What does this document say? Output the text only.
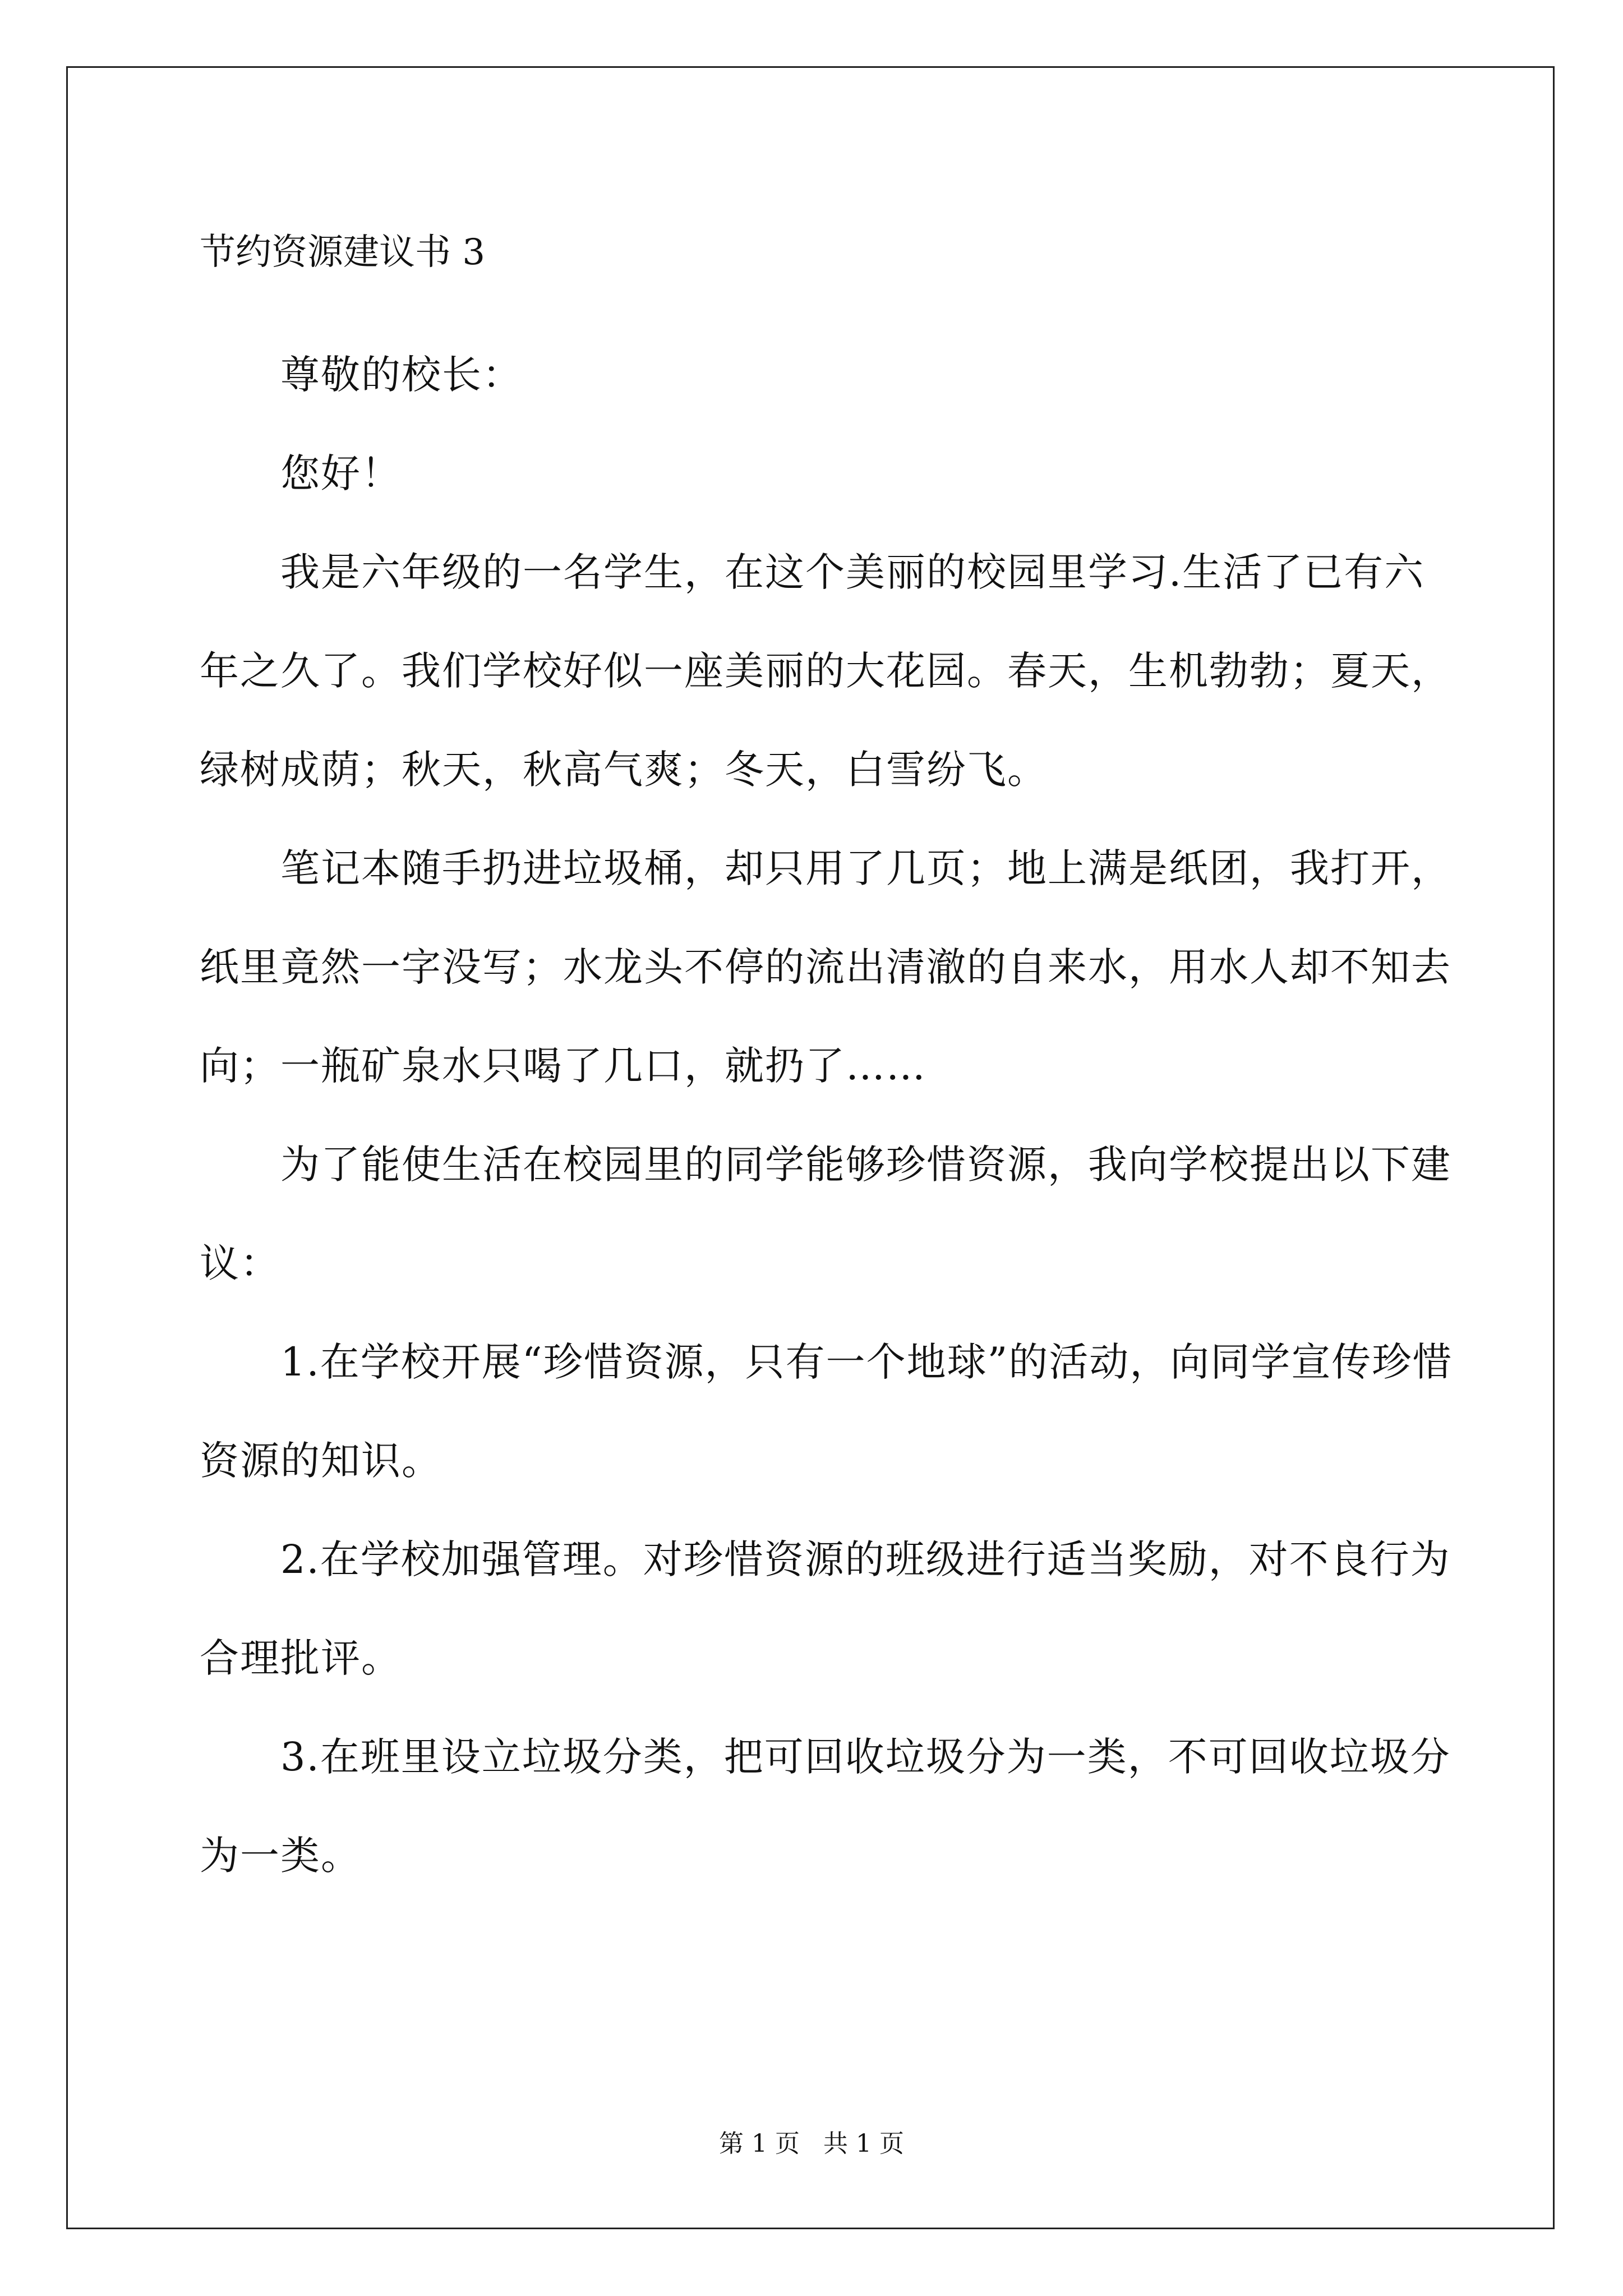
节约资源建议书 3

尊敬的校长：

您好！

我是六年级的一名学生，在这个美丽的校园里学习.生活了已有六年之久了。我们学校好似一座美丽的大花园。春天，生机勃勃；夏天，绿树成荫；秋天，秋高气爽；冬天，白雪纷飞。

笔记本随手扔进垃圾桶，却只用了几页；地上满是纸团，我打开，纸里竟然一字没写；水龙头不停的流出清澈的自来水，用水人却不知去向；一瓶矿泉水只喝了几口，就扔了……

为了能使生活在校园里的同学能够珍惜资源，我向学校提出以下建议：

1.在学校开展“珍惜资源，只有一个地球”的活动，向同学宣传珍惜资源的知识。

2.在学校加强管理。对珍惜资源的班级进行适当奖励，对不良行为合理批评。

3.在班里设立垃圾分类，把可回收垃圾分为一类，不可回收垃圾分为一类。

第 1 页   共 1 页
